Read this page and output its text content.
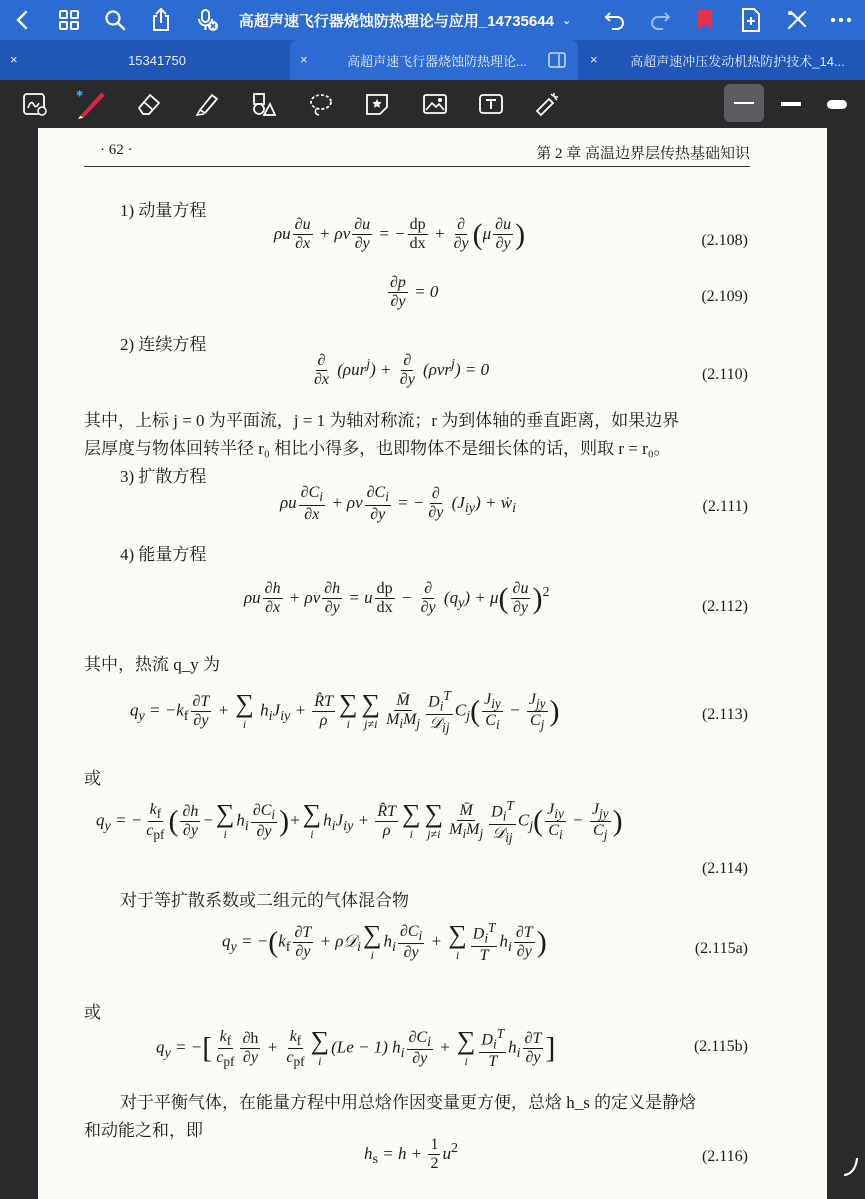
高超声速飞行器烧蚀防热理论与应用_14735644 ⌄
×	15341750	×	高超声速飞行器烧蚀防热理论...	×	高超声速冲压发动机热防护技术_14...
✱
· 62 ·	第 2 章 高温边界层传热基础知识
1) 动量方程
ρu $\frac{\partial u}{\partial x} + \rho v \frac{\partial u}{\partial y}$ = − $\frac{dp}{dx} + \frac{\partial}{\partial y} (\mu \frac{\partial u}{\partial y}$ )	(2.108)
$\frac{\partial p}{\partial y} = 0$	(2.109)
2) 连续方程
$\frac{\partial}{\partial x} (\rho ur^j) + \frac{\partial}{\partial y} (\rho vr^j) = 0$	(2.110)
其中，上标 j = 0 为平面流，j = 1 为轴对称流；r 为到体轴的垂直距离，如果边界
层厚度与物体回转半径 r₀ 相比小得多，也即物体不是细长体的话，则取 r = r₀。
3) 扩散方程
ρu $\frac{\partial C_i}{\partial x} + \rho v \frac{\partial C_i}{\partial y}$ = − $\frac{\partial}{\partial y} (J_{iy})$ + ẇ$_i$	(2.111)
4) 能量方程
ρu $\frac{\partial h}{\partial x} + \rho v \frac{\partial h}{\partial y} = u \frac{dp}{dx} - \frac{\partial}{\partial y} (q_y) + \mu( \frac{\partial u}{\partial y} )^2$
(2.112)
其中，热流 q_y 为
$q_y = -k_f \frac{\partial T}{\partial y}$ + ∑
i
$h_iJ_{iy} + \frac{R̂T}{\rho}$ ∑
i
∑
$j\ne i \frac{M̄}{M_iM_j} \frac{D_i^T}{𝒟_{ij}} C_j( \frac{J_{iy}}{C_i} - \frac{J_{jy}}{C_j}$ )	(2.113)
或
$q_y$ = − $\frac{k_f}{c_{pf}}$ ( $\frac{\partial h}{\partial y}$ − ∑
i
$h_i \frac{\partial C_i}{\partial y}$ )+ ∑
i
$h_iJ_{iy} + \frac{R̂T}{\rho}$ ∑
i
∑
$j\ne i \frac{M̄}{M_iM_j} \frac{D_i^T}{𝒟_{ij}} C_j( \frac{J_{iy}}{C_i} - \frac{J_{jy}}{C_j}$ )
(2.114)
对于等扩散系数或二组元的气体混合物
$q_y = -(k_f \frac{\partial T}{\partial y}$ + ρ𝒟$_i$ ∑
i
$h_i \frac{\partial C_i}{\partial y}$ + ∑
i $\frac{D_i^T}{T} h_i \frac{\partial T}{\partial y}$ )	(2.115a)
或
$q_y$ = −[ $\frac{k_f}{c_{pf}} \frac{\partial h}{\partial y} + \frac{k_f}{c_{pf}}$ ∑
i
(Le − 1) $h_i \frac{\partial C_i}{\partial y}$ + ∑
i $\frac{D_i^T}{T} h_i \frac{\partial T}{\partial y}$ ]	(2.115b)
对于平衡气体，在能量方程中用总焓作因变量更方便，总焓 h_s 的定义是静焓
和动能之和，即
$h_s = h + \frac{1}{2} u^2$	(2.116)
